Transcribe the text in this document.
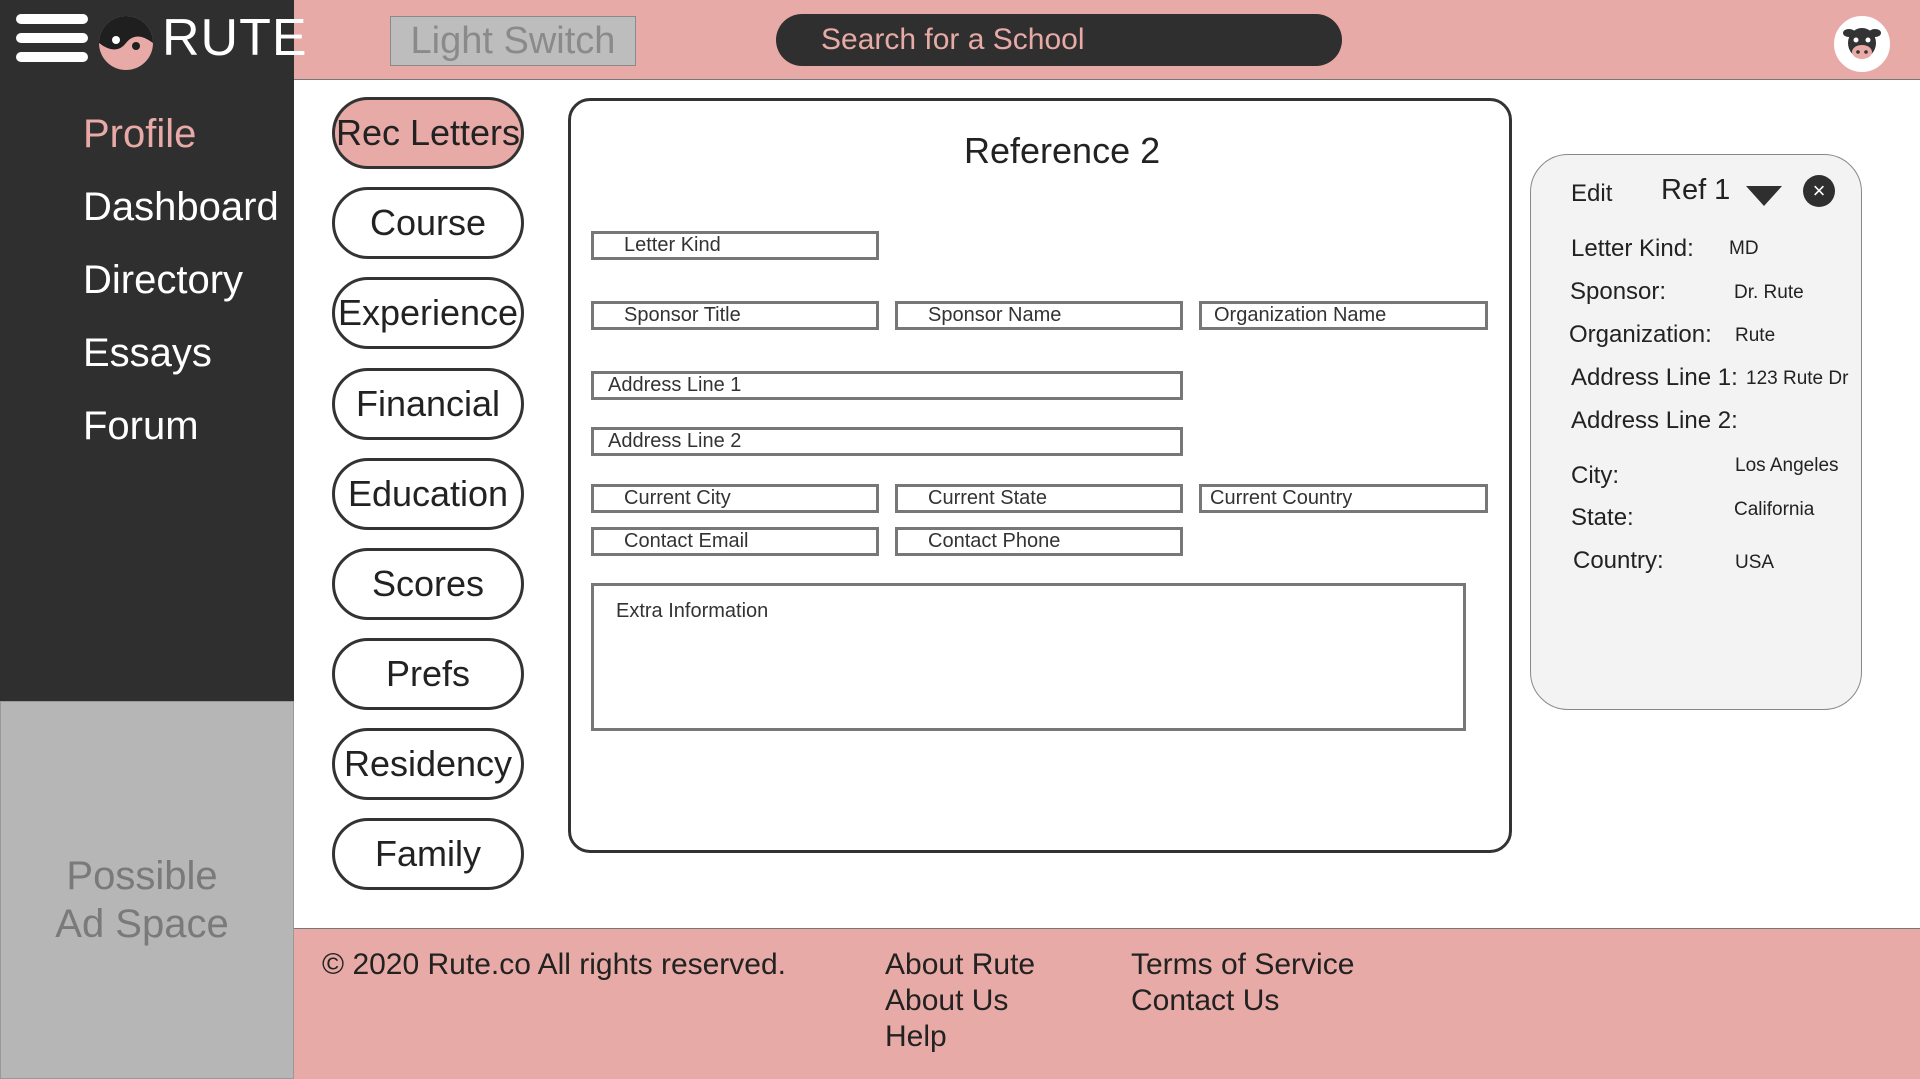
RUTE	Light Switch	Search for a School
Profile
Dashboard
Directory
Essays
Forum
Possible
Ad Space
Rec Letters
Course
Experience
Financial
Education
Scores
Prefs
Residency
Family
Reference 2
Letter Kind
Sponsor Title	Sponsor Name	Organization Name
Address Line 1
Address Line 2
Current City	Current State	Current Country
Contact Email	Contact Phone
Extra Information
Edit Ref 1	×
Letter Kind: MD
Sponsor:	Dr. Rute
Organization: Rute
Address Line 1: 123 Rute Dr
Address Line 2:
City:	Los Angeles
State:	California
Country:	USA
© 2020 Rute.co All rights reserved.	About Rute
About Us
Help
Terms of Service
Contact Us
